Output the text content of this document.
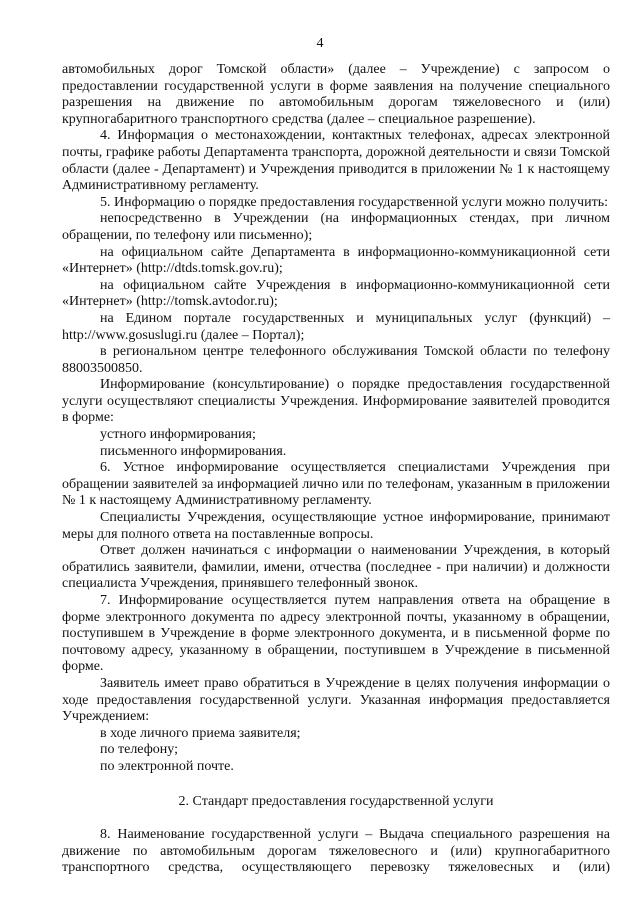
4

автомобильных дорог Томской области» (далее – Учреждение) с запросом о предоставлении государственной услуги в форме заявления на получение специального разрешения на движение по автомобильным дорогам тяжеловесного и (или) крупногабаритного транспортного средства (далее – специальное разрешение).

4. Информация о местонахождении, контактных телефонах, адресах электронной почты, графике работы Департамента транспорта, дорожной деятельности и связи Томской области (далее - Департамент) и Учреждения приводится в приложении № 1 к настоящему Административному регламенту.

5. Информацию о порядке предоставления государственной услуги можно получить:

непосредственно в Учреждении (на информационных стендах, при личном обращении, по телефону или письменно);

на официальном сайте Департамента в информационно-коммуникационной сети «Интернет» (http://dtds.tomsk.gov.ru);

на официальном сайте Учреждения в информационно-коммуникационной сети «Интернет» (http://tomsk.avtodor.ru);

на Едином портале государственных и муниципальных услуг (функций) – http://www.gosuslugi.ru (далее – Портал);

в региональном центре телефонного обслуживания Томской области по телефону 88003500850.

Информирование (консультирование) о порядке предоставления государственной услуги осуществляют специалисты Учреждения. Информирование заявителей проводится в форме:

устного информирования;

письменного информирования.

6. Устное информирование осуществляется специалистами Учреждения при обращении заявителей за информацией лично или по телефонам, указанным в приложении № 1 к настоящему Административному регламенту.

Специалисты Учреждения, осуществляющие устное информирование, принимают меры для полного ответа на поставленные вопросы.

Ответ должен начинаться с информации о наименовании Учреждения, в который обратились заявители, фамилии, имени, отчества (последнее - при наличии) и должности специалиста Учреждения, принявшего телефонный звонок.

7. Информирование осуществляется путем направления ответа на обращение в форме электронного документа по адресу электронной почты, указанному в обращении, поступившем в Учреждение в форме электронного документа, и в письменной форме по почтовому адресу, указанному в обращении, поступившем в Учреждение в письменной форме.

Заявитель имеет право обратиться в Учреждение в целях получения информации о ходе предоставления государственной услуги. Указанная информация предоставляется Учреждением:

в ходе личного приема заявителя;

по телефону;

по электронной почте.

2. Стандарт предоставления государственной услуги

8. Наименование государственной услуги – Выдача специального разрешения на движение по автомобильным дорогам тяжеловесного и (или) крупногабаритного транспортного средства, осуществляющего перевозку тяжеловесных и (или)
